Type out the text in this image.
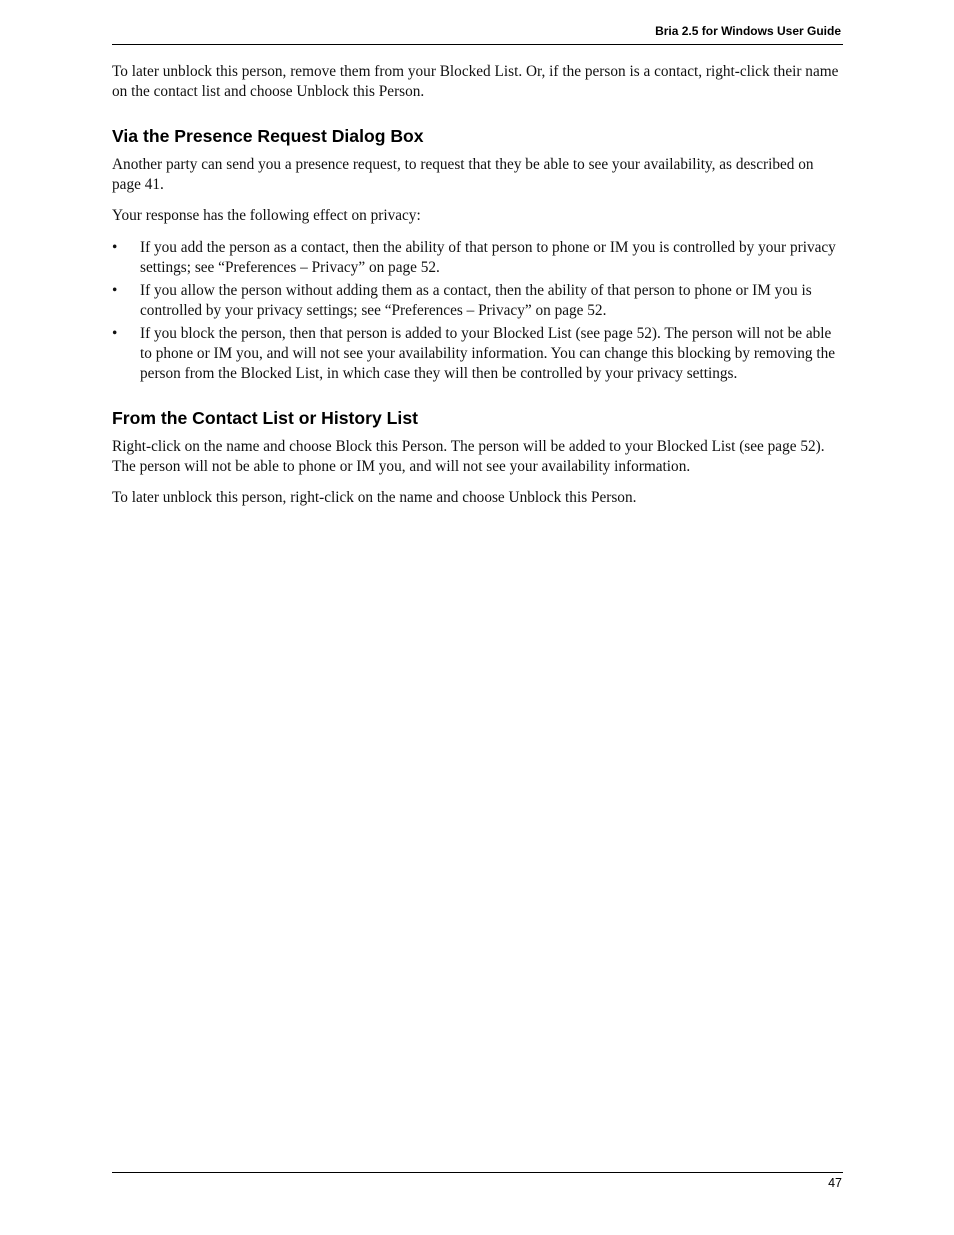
Bria 2.5 for Windows User Guide

To later unblock this person, remove them from your Blocked List. Or, if the person is a contact, right-click their name on the contact list and choose Unblock this Person.

Via the Presence Request Dialog Box

Another party can send you a presence request, to request that they be able to see your availability, as described on page 41.

Your response has the following effect on privacy:

• If you add the person as a contact, then the ability of that person to phone or IM you is controlled by your privacy settings; see “Preferences – Privacy” on page 52.
• If you allow the person without adding them as a contact, then the ability of that person to phone or IM you is controlled by your privacy settings; see “Preferences – Privacy” on page 52.
• If you block the person, then that person is added to your Blocked List (see page 52). The person will not be able to phone or IM you, and will not see your availability information. You can change this blocking by removing the person from the Blocked List, in which case they will then be controlled by your privacy settings.
From the Contact List or History List

Right-click on the name and choose Block this Person. The person will be added to your Blocked List (see page 52). The person will not be able to phone or IM you, and will not see your availability information.

To later unblock this person, right-click on the name and choose Unblock this Person.

47
